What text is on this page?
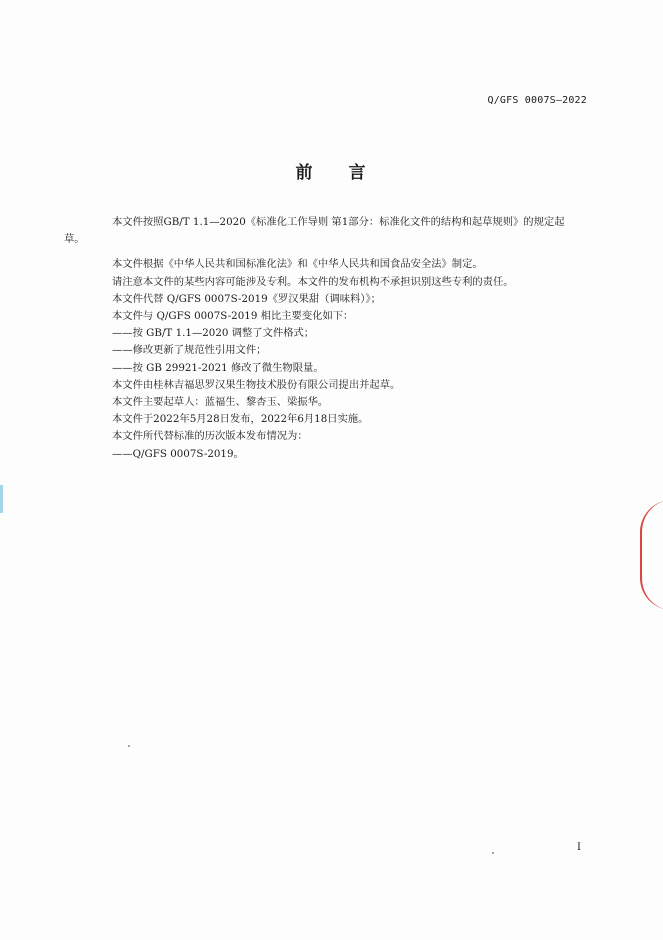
Q/GFS 0007S—2022
前 言

本文件按照GB/T 1.1—2020《标准化工作导则 第1部分：标准化文件的结构和起草规则》的规定起
草。

本文件根据《中华人民共和国标准化法》和《中华人民共和国食品安全法》制定。

请注意本文件的某些内容可能涉及专利。本文件的发布机构不承担识别这些专利的责任。

本文件代替 Q/GFS 0007S-2019《罗汉果甜（调味料）》；

本文件与 Q/GFS 0007S-2019 相比主要变化如下：

——按 GB/T 1.1—2020 调整了文件格式；

——修改更新了规范性引用文件；

——按 GB 29921-2021 修改了微生物限量。

本文件由桂林吉福思罗汉果生物技术股份有限公司提出并起草。

本文件主要起草人：蓝福生、黎杏玉、梁振华。

本文件于2022年5月28日发布，2022年6月18日实施。

本文件所代替标准的历次版本发布情况为：

——Q/GFS 0007S-2019。

I
